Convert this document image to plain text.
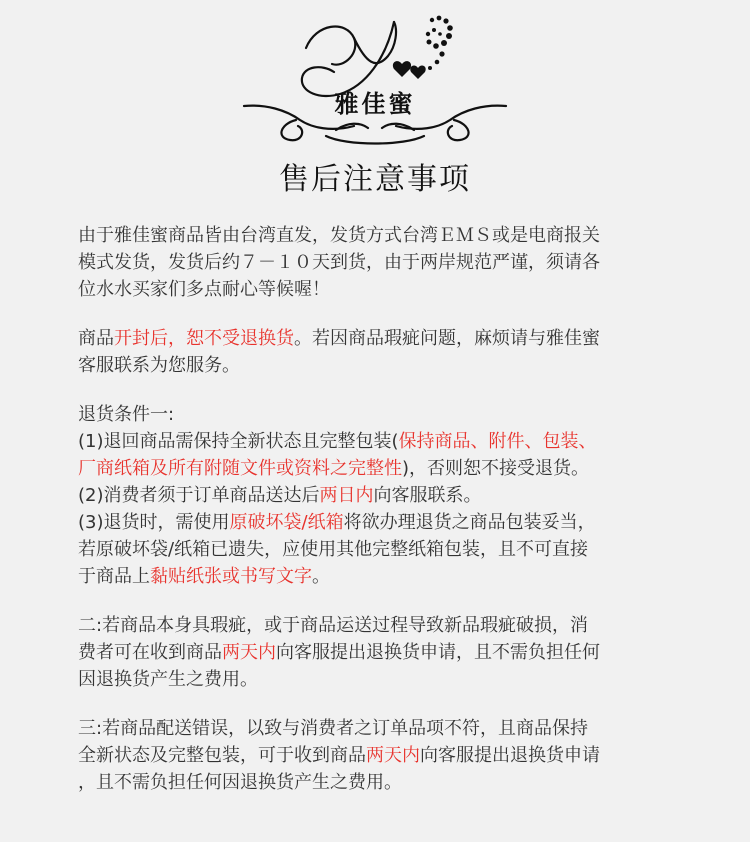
雅佳蜜
售后注意事项
由于雅佳蜜商品皆由台湾直发，发货方式台湾ＥＭＳ或是电商报关
模式发货，发货后约７－１０天到货，由于两岸规范严谨，须请各
位水水买家们多点耐心等候喔！
商品开封后，恕不受退换货。若因商品瑕疵问题，麻烦请与雅佳蜜
客服联系为您服务。
退货条件一:
(1)退回商品需保持全新状态且完整包装(保持商品、附件、包装、
厂商纸箱及所有附随文件或资料之完整性)，否则恕不接受退货。
(2)消费者须于订单商品送达后两日内向客服联系。
(3)退货时，需使用原破坏袋/纸箱将欲办理退货之商品包装妥当，
若原破坏袋/纸箱已遗失，应使用其他完整纸箱包装，且不可直接
于商品上黏贴纸张或书写文字。
二:若商品本身具瑕疵，或于商品运送过程导致新品瑕疵破损，消
费者可在收到商品两天内向客服提出退换货申请，且不需负担任何
因退换货产生之费用。
三:若商品配送错误，以致与消费者之订单品项不符，且商品保持
全新状态及完整包装，可于收到商品两天内向客服提出退换货申请
，且不需负担任何因退换货产生之费用。
